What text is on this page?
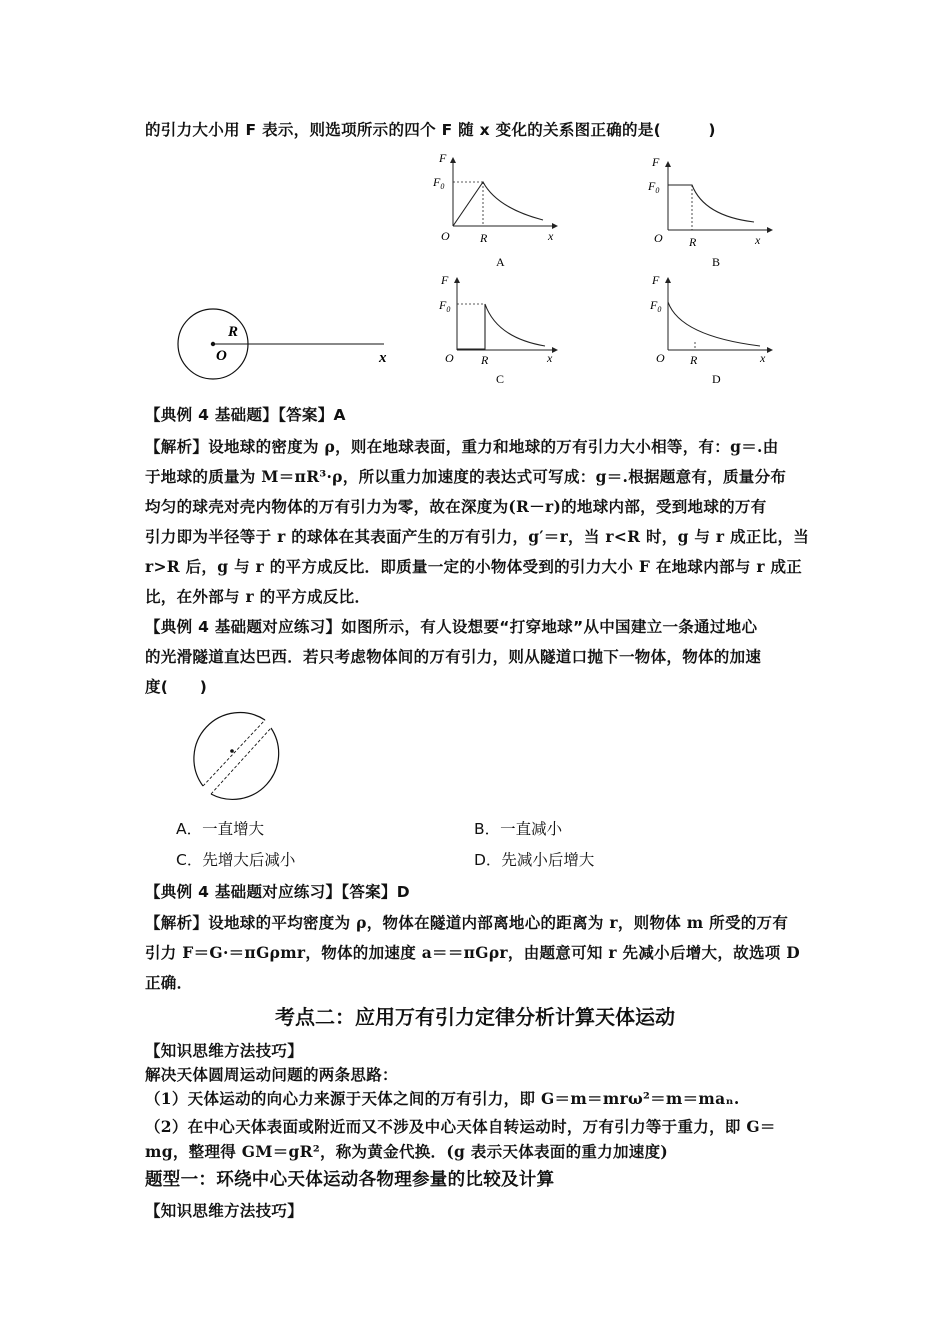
的引力大小用 F 表示，则选项所示的四个 F 随 x 变化的关系图正确的是(　　　)
F
$F_0$
O	R	x
A
F
$F_0$
O R	x
B
F
$F_0$
O R	x
C
F
$F_0$
O R	x
D
R
O	x
【典例 4 基础题】【答案】A
【解析】设地球的密度为 ρ，则在地球表面，重力和地球的万有引力大小相等，有：g＝.由
于地球的质量为 M＝πR³·ρ，所以重力加速度的表达式可写成：g＝.根据题意有，质量分布
均匀的球壳对壳内物体的万有引力为零，故在深度为(R－r)的地球内部，受到地球的万有
引力即为半径等于 r 的球体在其表面产生的万有引力，g′＝r，当 r<R 时，g 与 r 成正比，当
r>R 后，g 与 r 的平方成反比．即质量一定的小物体受到的引力大小 F 在地球内部与 r 成正
比，在外部与 r 的平方成反比．
【典例 4 基础题对应练习】如图所示，有人设想要“打穿地球”从中国建立一条通过地心
的光滑隧道直达巴西．若只考虑物体间的万有引力，则从隧道口抛下一物体，物体的加速
度(　　)
A．一直增大	B．一直减小
C．先增大后减小	D．先减小后增大
【典例 4 基础题对应练习】【答案】D
【解析】设地球的平均密度为 ρ，物体在隧道内部离地心的距离为 r，则物体 m 所受的万有
引力 F＝G·＝πGρmr，物体的加速度 a＝＝πGρr，由题意可知 r 先减小后增大，故选项 D
正确．
考点二：应用万有引力定律分析计算天体运动
【知识思维方法技巧】
解决天体圆周运动问题的两条思路：
（1）天体运动的向心力来源于天体之间的万有引力，即 G＝m＝mrω²＝m＝maₙ.
（2）在中心天体表面或附近而又不涉及中心天体自转运动时，万有引力等于重力，即 G＝
mg，整理得 GM＝gR²，称为黄金代换．(g 表示天体表面的重力加速度)
题型一：环绕中心天体运动各物理参量的比较及计算
【知识思维方法技巧】
